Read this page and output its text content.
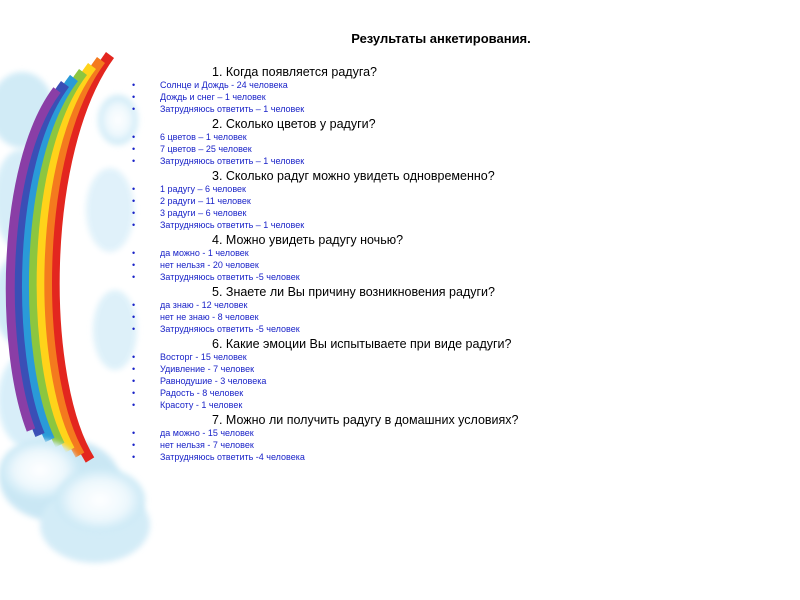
Результаты анкетирования.
1. Когда появляется радуга?
• Солнце и Дождь - 24 человека
• Дождь и снег – 1 человек
• Затрудняюсь ответить – 1 человек
2. Сколько цветов у радуги?
• 6 цветов – 1 человек
• 7 цветов – 25 человек
• Затрудняюсь ответить – 1 человек
3. Сколько радуг можно увидеть одновременно?
• 1 радугу – 6 человек
• 2 радуги – 11 человек
• 3 радуги – 6 человек
• Затрудняюсь ответить – 1 человек
4. Можно увидеть радугу ночью?
• да можно - 1 человек
• нет нельзя - 20 человек
• Затрудняюсь ответить -5 человек
5. Знаете ли Вы причину возникновения радуги?
• да знаю - 12 человек
• нет не знаю - 8 человек
• Затрудняюсь ответить -5 человек
6. Какие эмоции Вы испытываете при виде радуги?
• Восторг - 15 человек
• Удивление - 7 человек
• Равнодушие - 3 человека
• Радость - 8 человек
• Красоту - 1 человек
7. Можно ли получить радугу в домашних условиях?
• да можно - 15 человек
• нет нельзя - 7 человек
• Затрудняюсь ответить -4 человека
